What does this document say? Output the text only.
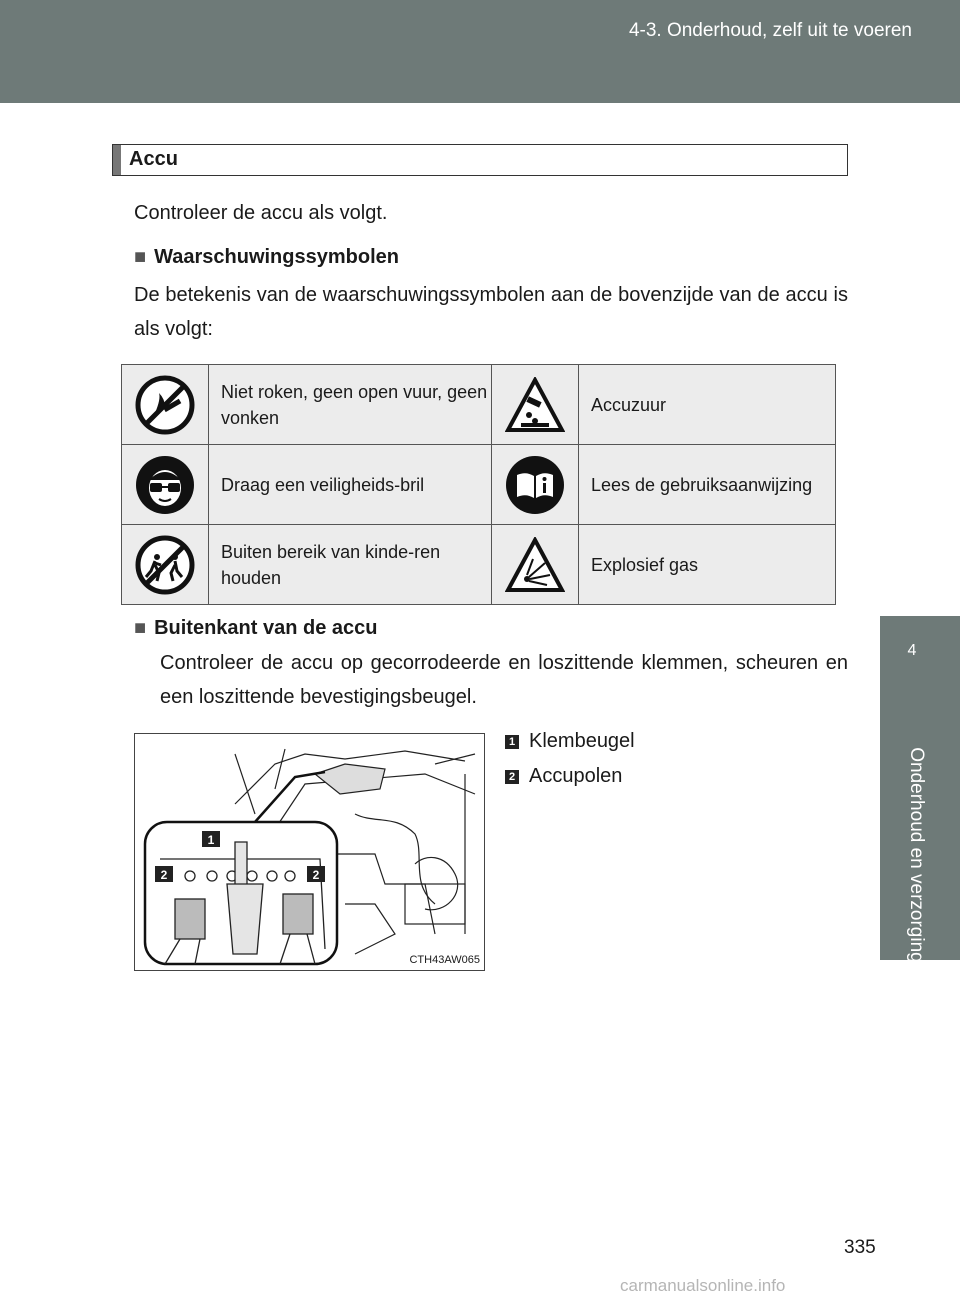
4-3. Onderhoud, zelf uit te voeren
4
Onderhoud en verzorging
Accu
Controleer de accu als volgt.
■ Waarschuwingssymbolen
De betekenis van de waarschuwingssymbolen aan de bovenzijde van de accu is als volgt:
	Niet roken, geen open vuur, geen vonken		Accuzuur

	Draag een veiligheids-bril		Lees de gebruiksaanwijzing

	Buiten bereik van kinde-ren houden		Explosief gas
■ Buitenkant van de accu
Controleer de accu op gecorrodeerde en loszittende klemmen, scheuren en een loszittende bevestigingsbeugel.
1
2	2
CTH43AW065
1 Klembeugel
2 Accupolen
335
carmanualsonline.info
